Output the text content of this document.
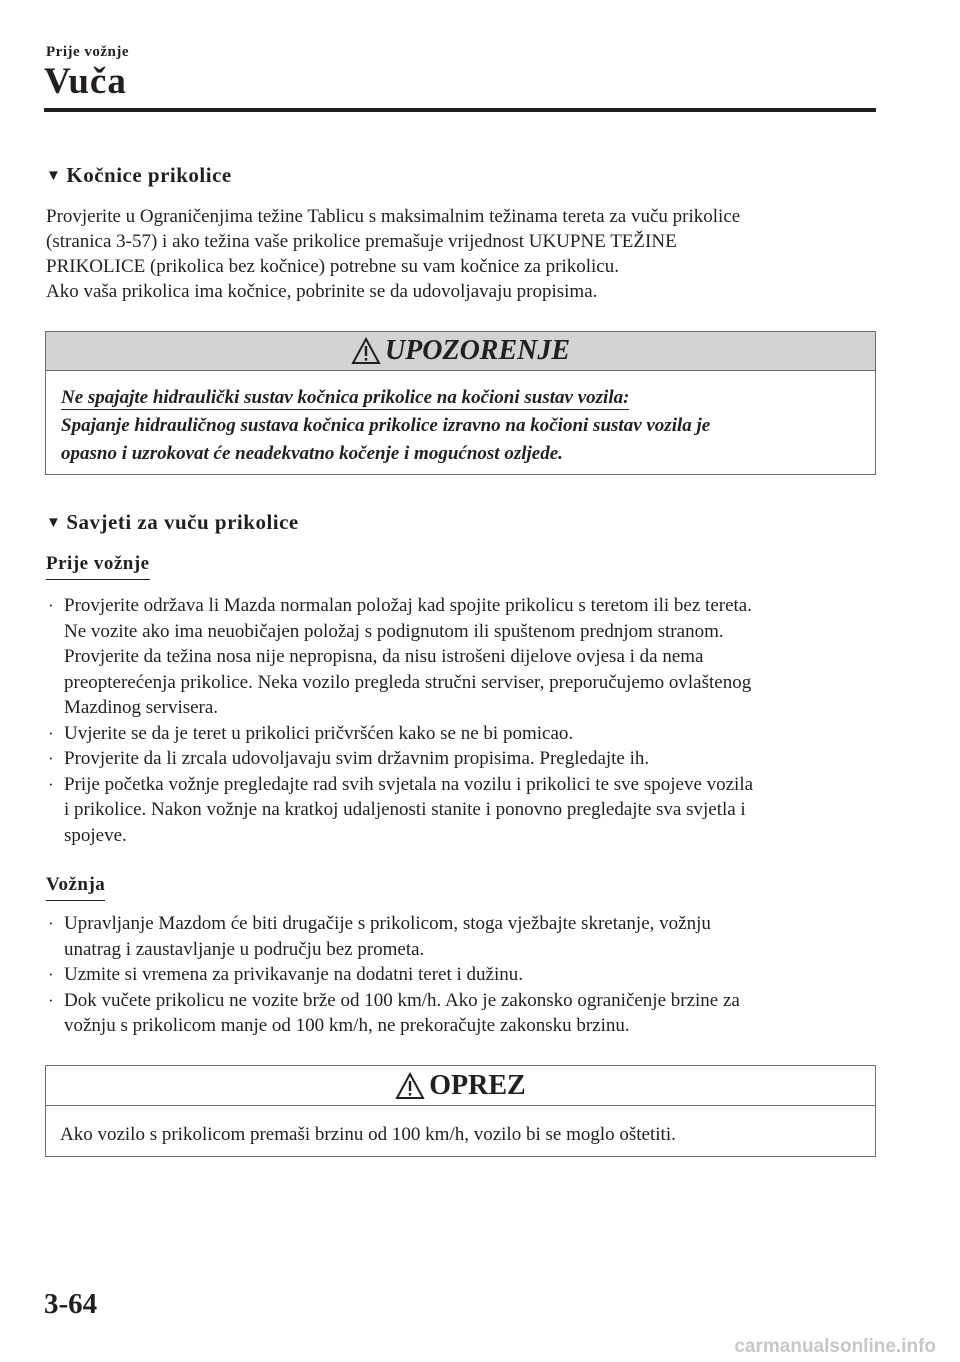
Prije vožnje
Vuča
▼ Kočnice prikolice
Provjerite u Ograničenjima težine Tablicu s maksimalnim težinama tereta za vuču prikolice
(stranica 3-57) i ako težina vaše prikolice premašuje vrijednost UKUPNE TEŽINE
PRIKOLICE (prikolica bez kočnice) potrebne su vam kočnice za prikolicu.
Ako vaša prikolica ima kočnice, pobrinite se da udovoljavaju propisima.
UPOZORENJE
Ne spajajte hidraulički sustav kočnica prikolice na kočioni sustav vozila:
Spajanje hidrauličnog sustava kočnica prikolice izravno na kočioni sustav vozila je
opasno i uzrokovat će neadekvatno kočenje i mogućnost ozljede.
▼ Savjeti za vuču prikolice
Prije vožnje
· Provjerite održava li Mazda normalan položaj kad spojite prikolicu s teretom ili bez tereta.
Ne vozite ako ima neuobičajen položaj s podignutom ili spuštenom prednjom stranom.
Provjerite da težina nosa nije nepropisna, da nisu istrošeni dijelove ovjesa i da nema
preopterećenja prikolice. Neka vozilo pregleda stručni serviser, preporučujemo ovlaštenog
Mazdinog servisera.
· Uvjerite se da je teret u prikolici pričvršćen kako se ne bi pomicao.
· Provjerite da li zrcala udovoljavaju svim državnim propisima. Pregledajte ih.
· Prije početka vožnje pregledajte rad svih svjetala na vozilu i prikolici te sve spojeve vozila
i prikolice. Nakon vožnje na kratkoj udaljenosti stanite i ponovno pregledajte sva svjetla i
spojeve.
Vožnja
· Upravljanje Mazdom će biti drugačije s prikolicom, stoga vježbajte skretanje, vožnju
unatrag i zaustavljanje u području bez prometa.
· Uzmite si vremena za privikavanje na dodatni teret i dužinu.
· Dok vučete prikolicu ne vozite brže od 100 km/h. Ako je zakonsko ograničenje brzine za
vožnju s prikolicom manje od 100 km/h, ne prekoračujte zakonsku brzinu.
OPREZ
Ako vozilo s prikolicom premaši brzinu od 100 km/h, vozilo bi se moglo oštetiti.
3-64
carmanualsonline.info
